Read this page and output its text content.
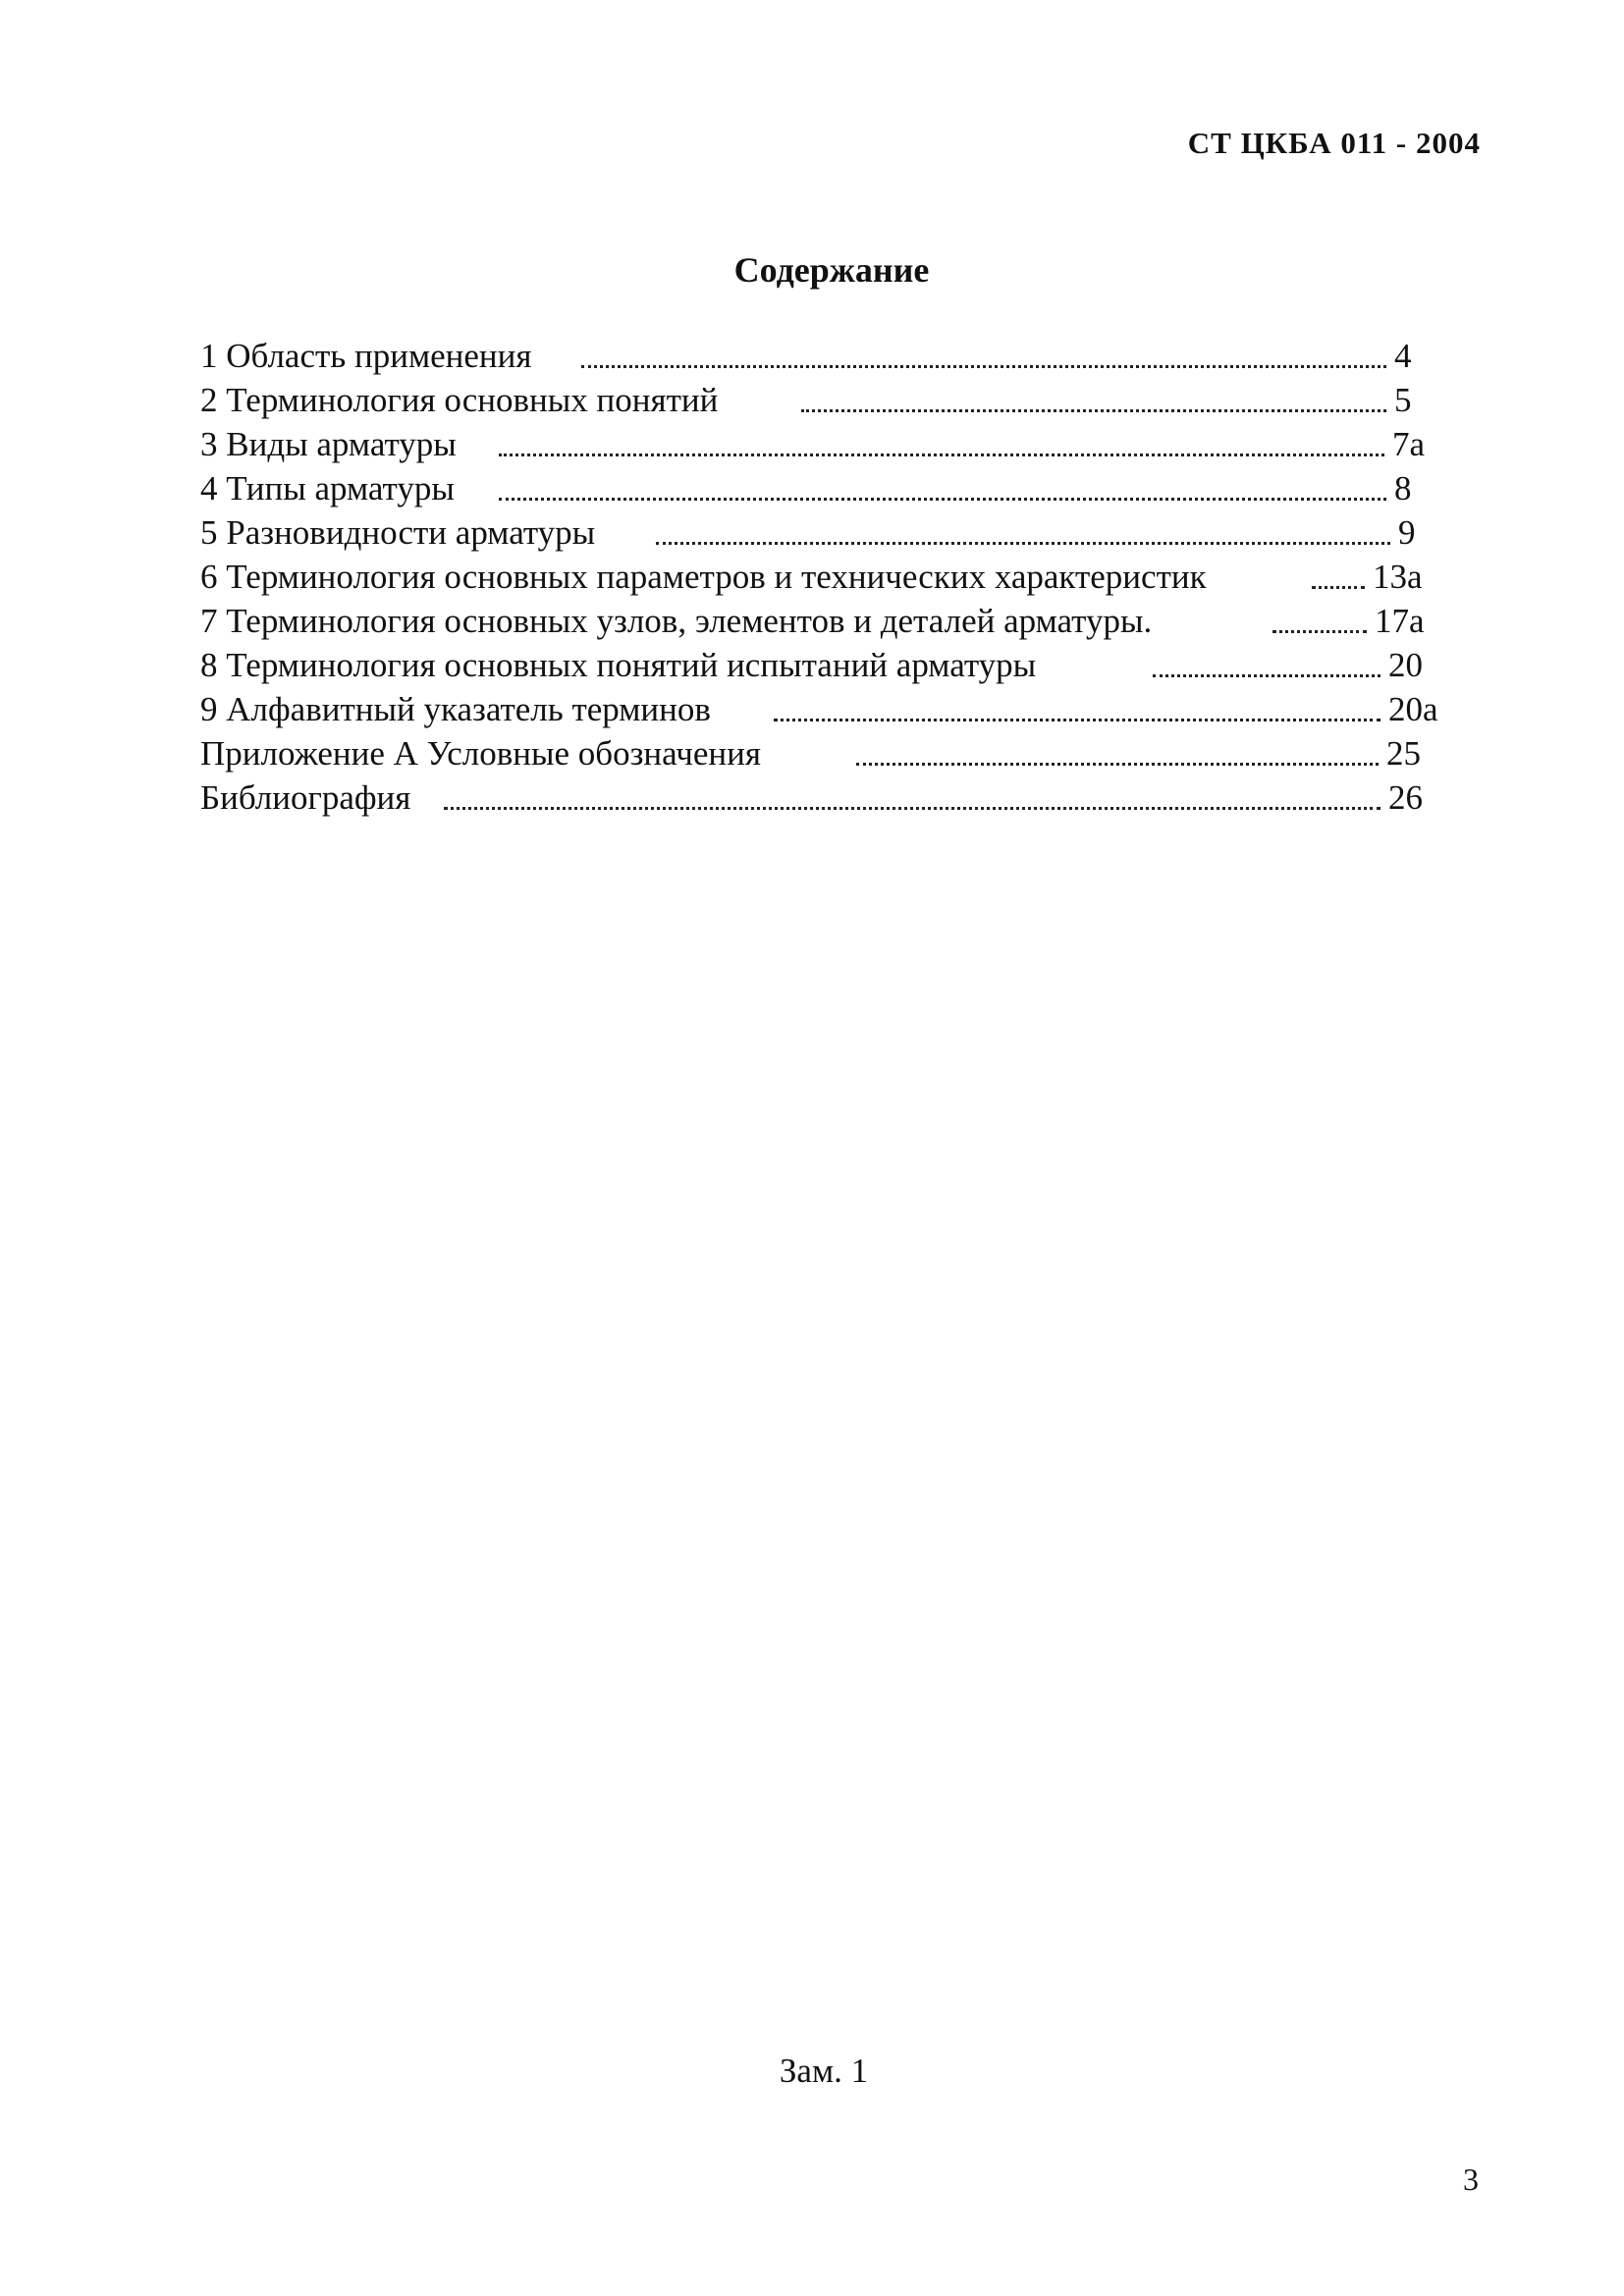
СТ ЦКБА 011 - 2004
Содержание
1 Область применения	4
2 Терминология основных понятий	5
3 Виды арматуры	7а
4 Типы арматуры	8
5 Разновидности арматуры	9
6 Терминология основных параметров и технических характеристик	13а
7 Терминология основных узлов, элементов и деталей арматуры.	17а
8 Терминология основных понятий испытаний арматуры	20
9 Алфавитный указатель терминов	20а
Приложение А Условные обозначения	25
Библиография	26
Зам. 1
3
